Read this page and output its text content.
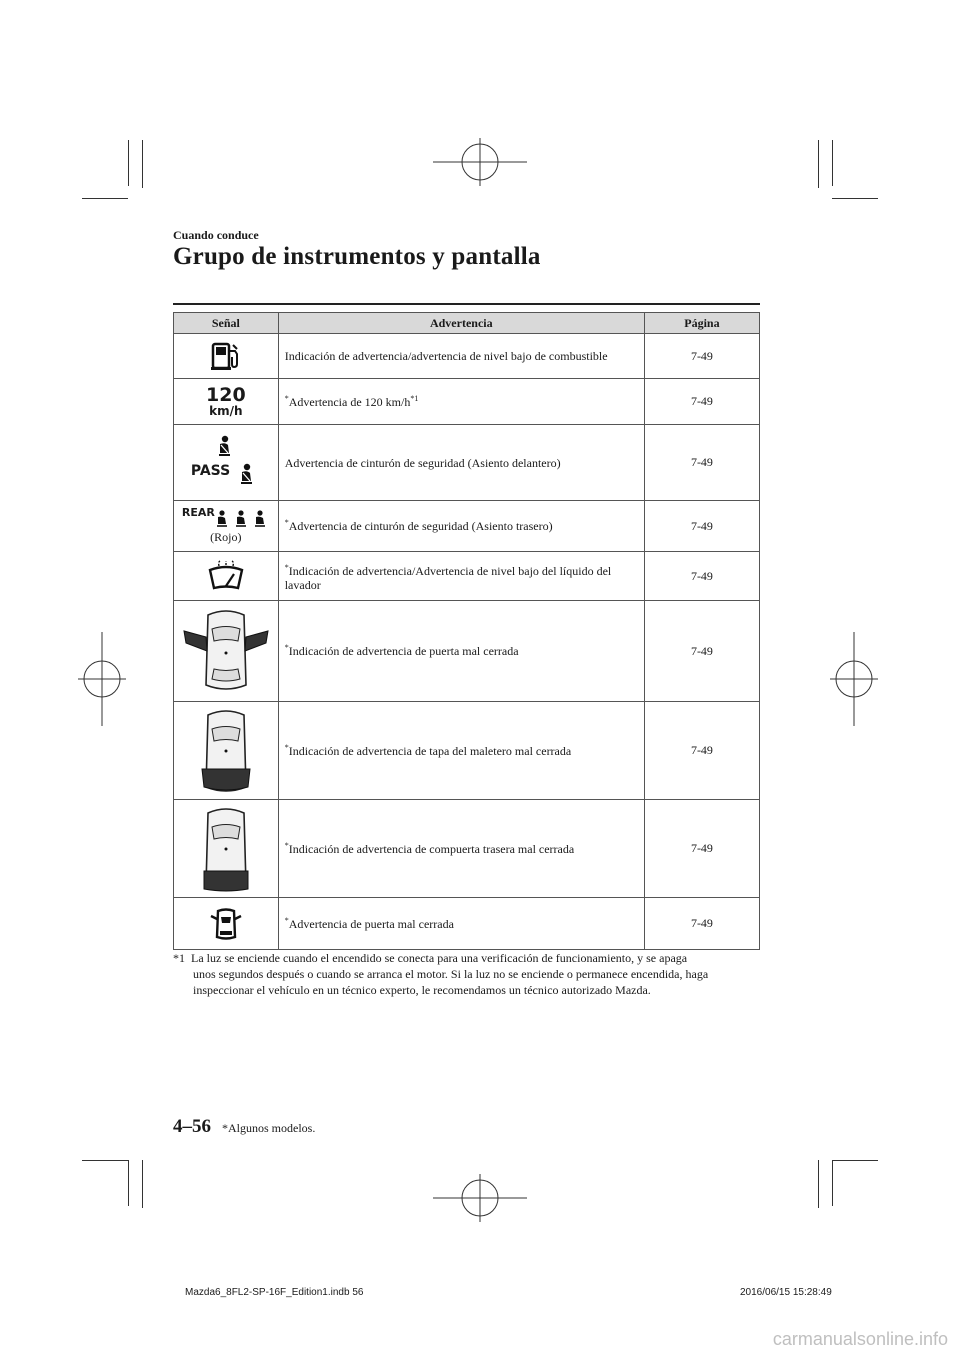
Cuando conduce
Grupo de instrumentos y pantalla
Señal	Advertencia	Página

	Indicación de advertencia/advertencia de nivel bajo de combustible	7-49

120
km/h	*Advertencia de 120 $km/h^{*1}$	7-49

PASS	Advertencia de cinturón de seguridad (Asiento delantero)	7-49

REAR
(Rojo)	*Advertencia de cinturón de seguridad (Asiento trasero)	7-49

	*Indicación de advertencia/Advertencia de nivel bajo del líquido del lavador	7-49

	*Indicación de advertencia de puerta mal cerrada	7-49

	*Indicación de advertencia de tapa del maletero mal cerrada	7-49

	*Indicación de advertencia de compuerta trasera mal cerrada	7-49

	*Advertencia de puerta mal cerrada	7-49
*1 La luz se enciende cuando el encendido se conecta para una verificación de funcionamiento, y se apaga
unos segundos después o cuando se arranca el motor. Si la luz no se enciende o permanece encendida, haga
inspeccionar el vehículo en un técnico experto, le recomendamos un técnico autorizado Mazda.
4–56 *Algunos modelos.
Mazda6_8FL2-SP-16F_Edition1.indb 56	2016/06/15 15:28:49
carmanualsonline.info
